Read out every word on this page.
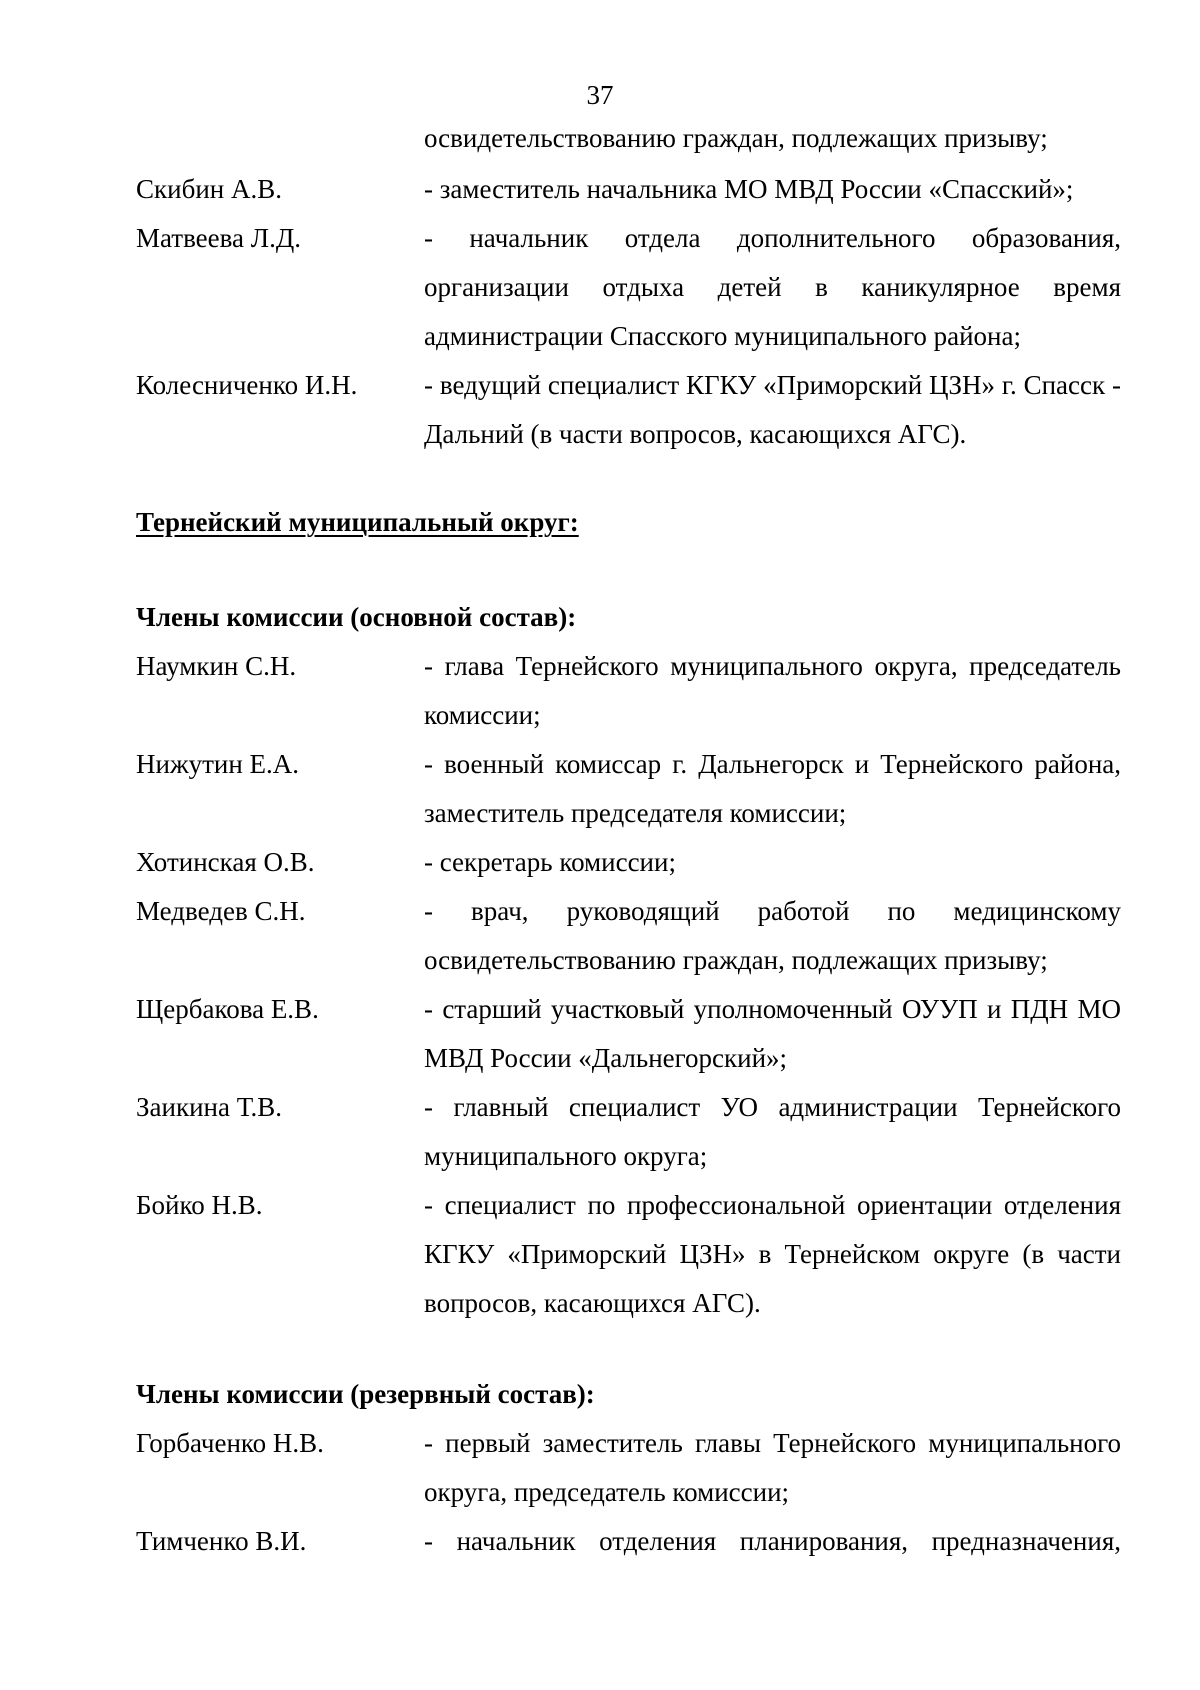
37
освидетельствованию граждан, подлежащих призыву;
Скибин А.В.	- заместитель начальника МО МВД России «Спасский»;
Матвеева Л.Д.	- начальник отдела дополнительного образования, организации отдыха детей в каникулярное время администрации Спасского муниципального района;
Колесниченко И.Н.	- ведущий специалист КГКУ «Приморский ЦЗН» г. Спасск - Дальний (в части вопросов, касающихся АГС).
Тернейский муниципальный округ:
Члены комиссии (основной состав):
Наумкин С.Н.	- глава Тернейского муниципального округа, председатель комиссии;
Нижутин Е.А.	- военный комиссар г. Дальнегорск и Тернейского района, заместитель председателя комиссии;
Хотинская О.В.	- секретарь комиссии;
Медведев С.Н.	- врач, руководящий работой по медицинскому освидетельствованию граждан, подлежащих призыву;
Щербакова Е.В.	- старший участковый уполномоченный ОУУП и ПДН МО МВД России «Дальнегорский»;
Заикина Т.В.	- главный специалист УО администрации Тернейского муниципального округа;
Бойко Н.В.	- специалист по профессиональной ориентации отделения КГКУ «Приморский ЦЗН» в Тернейском округе (в части вопросов, касающихся АГС).
Члены комиссии (резервный состав):
Горбаченко Н.В.	- первый заместитель главы Тернейского муниципального округа, председатель комиссии;
Тимченко В.И.	- начальник отделения планирования, предназначения,
